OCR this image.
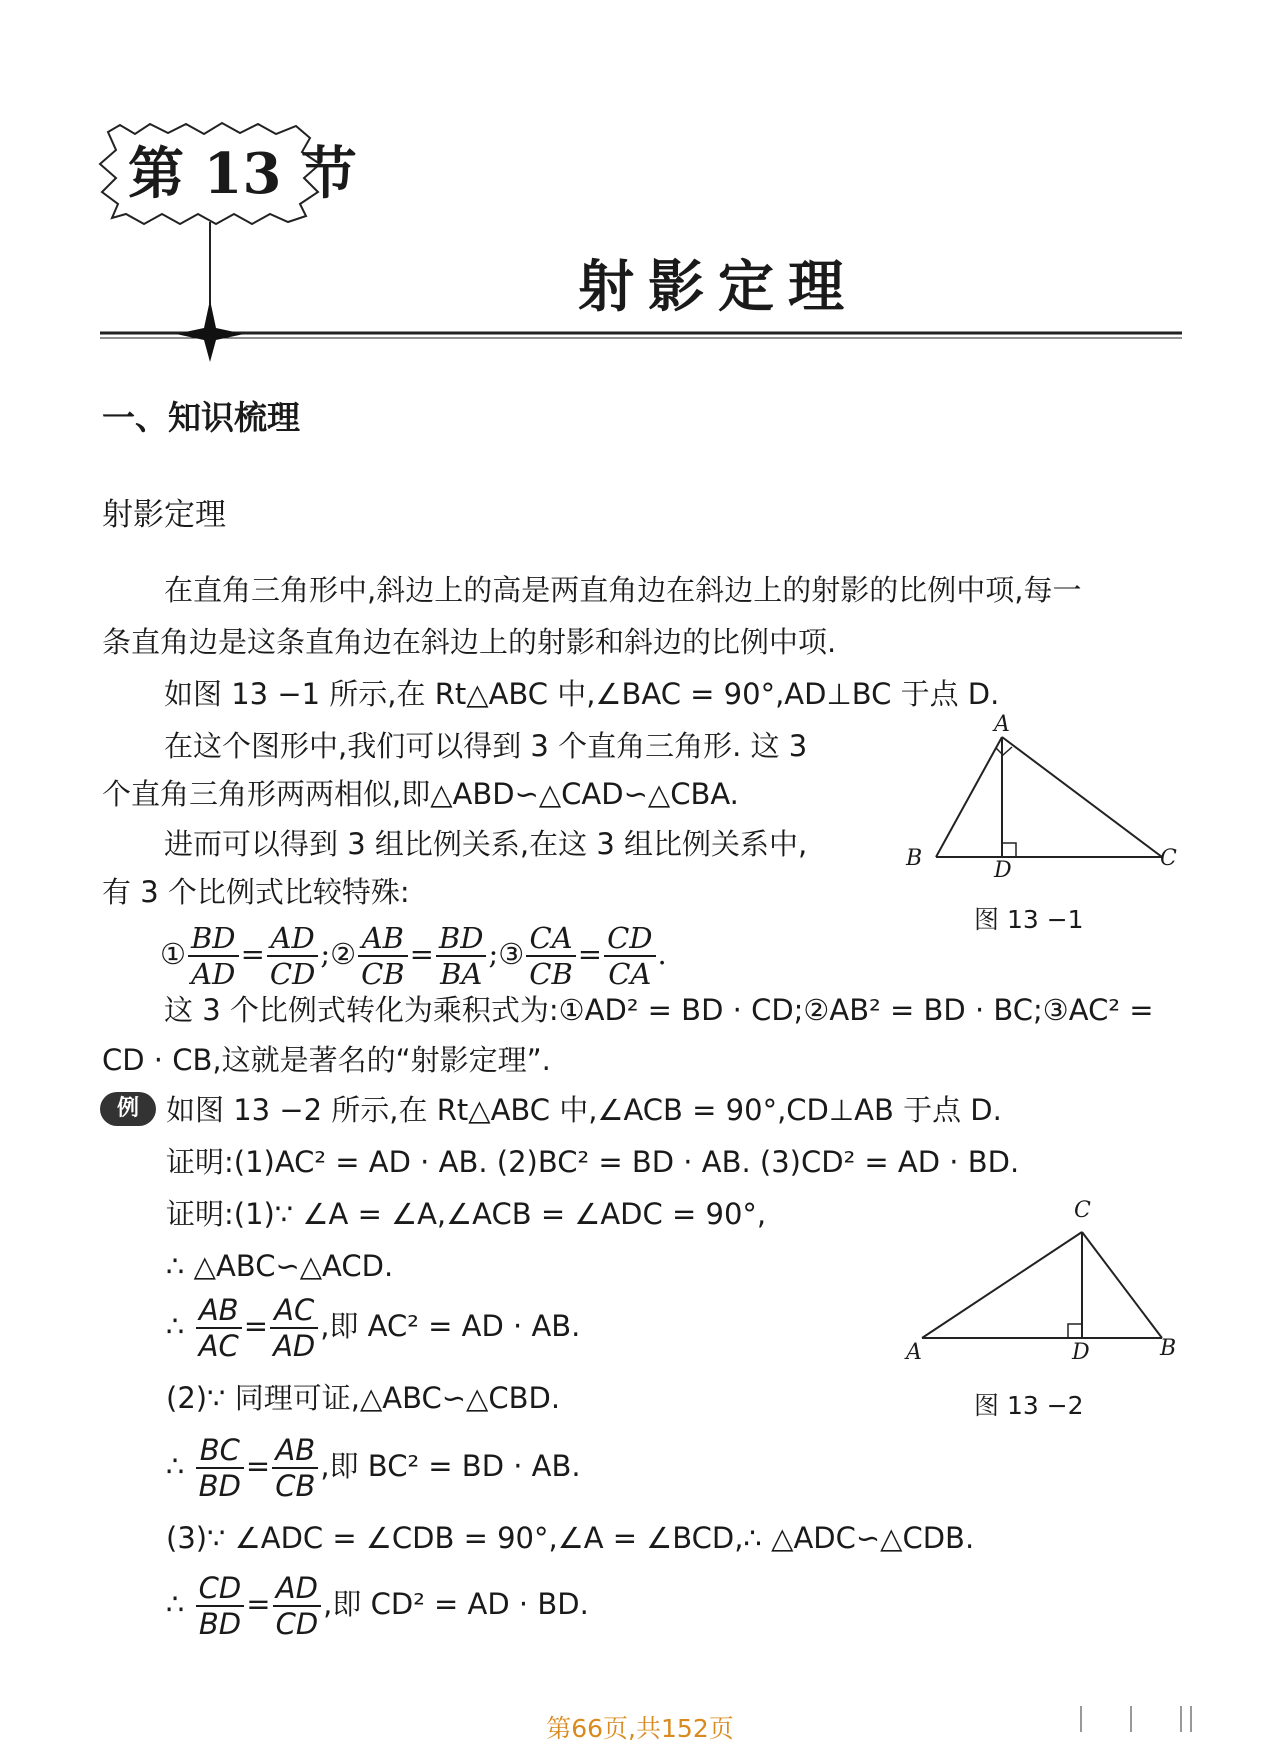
第 13 节
射影定理
一、知识梳理
射影定理
在直角三角形中,斜边上的高是两直角边在斜边上的射影的比例中项,每一
条直角边是这条直角边在斜边上的射影和斜边的比例中项.
如图 13 −1 所示,在 Rt△ABC 中,∠BAC = 90°,AD⊥BC 于点 D.
在这个图形中,我们可以得到 3 个直角三角形. 这 3
个直角三角形两两相似,即△ABD∽△CAD∽△CBA.
进而可以得到 3 组比例关系,在这 3 组比例关系中,
有 3 个比例式比较特殊:
① $\frac{BD}{AD} = \frac{AD}{CD}$ ;② $\frac{AB}{CB} = \frac{BD}{BA}$ ;③ $\frac{CA}{CB} = \frac{CD}{CA}$ .
这 3 个比例式转化为乘积式为:①AD² = BD · CD;②AB² = BD · BC;③AC² =
CD · CB,这就是著名的“射影定理”.
A
B	C
D
图 13 −1
例 如图 13 −2 所示,在 Rt△ABC 中,∠ACB = 90°,CD⊥AB 于点 D.
证明:(1)AC² = AD · AB. (2)BC² = BD · AB. (3)CD² = AD · BD.
证明:(1)∵ ∠A = ∠A,∠ACB = ∠ADC = 90°,
∴ △ABC∽△ACD.
∴ $\frac{AB}{AC} = \frac{AC}{AD}$ ,即 AC² = AD · AB.
(2)∵ 同理可证,△ABC∽△CBD.
∴ $\frac{BC}{BD} = \frac{AB}{CB}$ ,即 BC² = BD · AB.
(3)∵ ∠ADC = ∠CDB = 90°,∠A = ∠BCD,∴ △ADC∽△CDB.
∴ $\frac{CD}{BD} = \frac{AD}{CD}$ ,即 CD² = AD · BD.
C
A	D	B
图 13 −2
第66页,共152页
